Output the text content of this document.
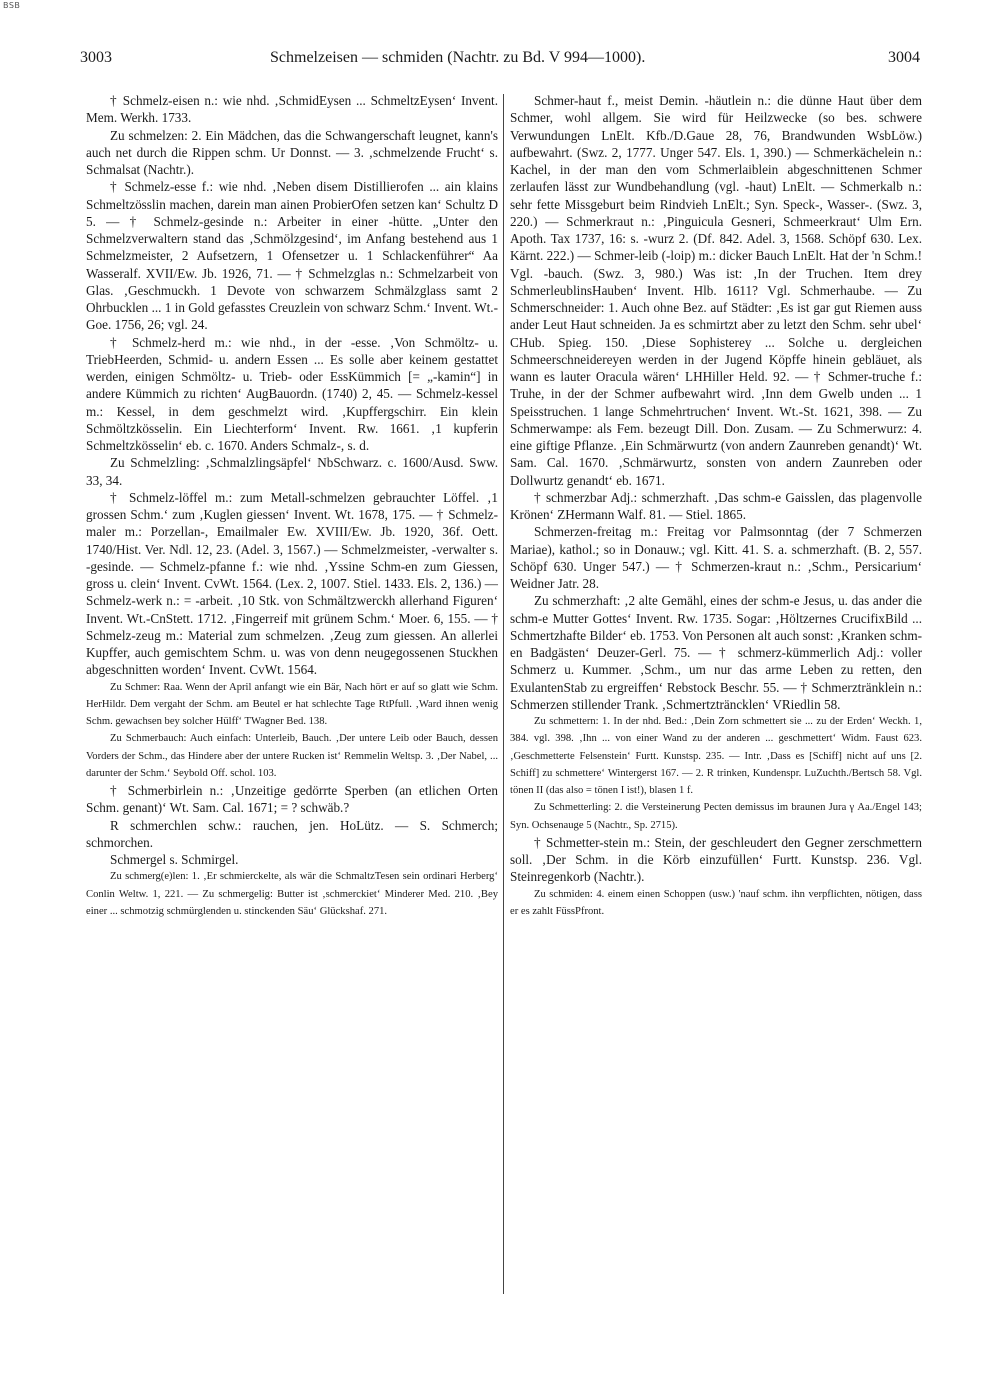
BSB
3003	Schmelzeisen — schmiden (Nachtr. zu Bd. V 994—1000).	3004

† Schmelz-eisen n.: wie nhd. ‚SchmidEysen ... SchmeltzEysen‘ Invent. Mem. Werkh. 1733.

Zu schmelzen: 2. Ein Mädchen, das die Schwangerschaft leugnet, kann's auch net durch die Rippen schm. Ur Donnst. — 3. ‚schmelzende Frucht‘ s. Schmalsat (Nachtr.).

† Schmelz-esse f.: wie nhd. ‚Neben disem Distillierofen ... ain klains Schmeltzösslin machen, darein man ainen ProbierOfen setzen kan‘ Schultz D 5. — † Schmelz-gesinde n.: Arbeiter in einer -hütte. „Unter den Schmelzverwaltern stand das ‚Schmölzgesind‘, im Anfang bestehend aus 1 Schmelzmeister, 2 Aufsetzern, 1 Ofensetzer u. 1 Schlackenführer“ Aa Wasseralf. XVII/Ew. Jb. 1926, 71. — † Schmelzglas n.: Schmelzarbeit von Glas. ‚Geschmuckh. 1 Devote von schwarzem Schmälzglass samt 2 Ohrbucklen ... 1 in Gold gefasstes Creuzlein von schwarz Schm.‘ Invent. Wt.-Goe. 1756, 26; vgl. 24.

† Schmelz-herd m.: wie nhd., in der -esse. ‚Von Schmöltz- u. TriebHeerden, Schmid- u. andern Essen ... Es solle aber keinem gestattet werden, einigen Schmöltz- u. Trieb- oder EssKümmich [= „-kamin“] in andere Kümmich zu richten‘ AugBauordn. (1740) 2, 45. — Schmelz-kessel m.: Kessel, in dem geschmelzt wird. ‚Kupffergschirr. Ein klein Schmöltzkösselin. Ein Liechterform‘ Invent. Rw. 1661. ‚1 kupferin Schmeltzkösselin‘ eb. c. 1670. Anders Schmalz-, s. d.

Zu Schmelzling: ‚Schmalzlingsäpfel‘ NbSchwarz. c. 1600/Ausd. Sww. 33, 34.

† Schmelz-löffel m.: zum Metall-schmelzen gebrauchter Löffel. ‚1 grossen Schm.‘ zum ‚Kuglen giessen‘ Invent. Wt. 1678, 175. — † Schmelz-maler m.: Porzellan-, Emailmaler Ew. XVIII/Ew. Jb. 1920, 36f. Oett. 1740/Hist. Ver. Ndl. 12, 23. (Adel. 3, 1567.) — Schmelzmeister, -verwalter s. -gesinde. — Schmelz-pfanne f.: wie nhd. ‚Yssine Schm-en zum Giessen, gross u. clein‘ Invent. CvWt. 1564. (Lex. 2, 1007. Stiel. 1433. Els. 2, 136.) — Schmelz-werk n.: = -arbeit. ‚10 Stk. von Schmältzwerckh allerhand Figuren‘ Invent. Wt.-CnStett. 1712. ‚Fingerreif mit grünem Schm.‘ Moer. 6, 155. — † Schmelz-zeug m.: Material zum schmelzen. ‚Zeug zum giessen. An allerlei Kupffer, auch gemischtem Schm. u. was von denn neugegossenen Stuckhen abgeschnitten worden‘ Invent. CvWt. 1564.

Zu Schmer: Raa. Wenn der April anfangt wie ein Bär, Nach hört er auf so glatt wie Schm. HerHildr. Dem vergaht der Schm. am Beutel er hat schlechte Tage RtPfull. ‚Ward ihnen wenig Schm. gewachsen bey solcher Hülff‘ TWagner Bed. 138.

Zu Schmerbauch: Auch einfach: Unterleib, Bauch. ‚Der untere Leib oder Bauch, dessen Vorders der Schm., das Hindere aber der untere Rucken ist‘ Remmelin Weltsp. 3. ‚Der Nabel, ... darunter der Schm.‘ Seybold Off. schol. 103.

† Schmerbirlein n.: ‚Unzeitige gedörrte Sperben (an etlichen Orten Schm. genant)‘ Wt. Sam. Cal. 1671; = ? schwäb.?

R schmerchlen schw.: rauchen, jen. HoLütz. — S. Schmerch; schmorchen.

Schmergel s. Schmirgel.

Zu schmerg(e)len: 1. ‚Er schmierckelte, als wär die SchmaltzTesen sein ordinari Herberg‘ Conlin Weltw. 1, 221. — Zu schmergelig: Butter ist ‚schmerckiet‘ Minderer Med. 210. ‚Bey einer ... schmotzig schmürglenden u. stinckenden Säu‘ Glückshaf. 271.

Schmer-haut f., meist Demin. -häutlein n.: die dünne Haut über dem Schmer, wohl allgem. Sie wird für Heilzwecke (so bes. schwere Verwundungen LnElt. Kfb./D.Gaue 28, 76, Brandwunden WsbLöw.) aufbewahrt. (Swz. 2, 1777. Unger 547. Els. 1, 390.) — Schmerkächelein n.: Kachel, in der man den vom Schmerlaiblein abgeschnittenen Schmer zerlaufen lässt zur Wundbehandlung (vgl. -haut) LnElt. — Schmerkalb n.: sehr fette Missgeburt beim Rindvieh LnElt.; Syn. Speck-, Wasser-. (Swz. 3, 220.) — Schmerkraut n.: ‚Pinguicula Gesneri, Schmeerkraut‘ Ulm Ern. Apoth. Tax 1737, 16: s. -wurz 2. (Df. 842. Adel. 3, 1568. Schöpf 630. Lex. Kärnt. 222.) — Schmer-leib (-loip) m.: dicker Bauch LnElt. Hat der 'n Schm.! Vgl. -bauch. (Swz. 3, 980.) Was ist: ‚In der Truchen. Item drey SchmerleublinsHauben‘ Invent. Hlb. 1611? Vgl. Schmerhaube. — Zu Schmerschneider: 1. Auch ohne Bez. auf Städter: ‚Es ist gar gut Riemen auss ander Leut Haut schneiden. Ja es schmirtzt aber zu letzt den Schm. sehr ubel‘ CHub. Spieg. 150. ‚Diese Sophisterey ... Solche u. dergleichen Schmeerschneidereyen werden in der Jugend Köpffe hinein gebläuet, als wann es lauter Oracula wären‘ LHHiller Held. 92. — † Schmer-truche f.: Truhe, in der der Schmer aufbewahrt wird. ‚Inn dem Gwelb unden ... 1 Speisstruchen. 1 lange Schmehrtruchen‘ Invent. Wt.-St. 1621, 398. — Zu Schmerwampe: als Fem. bezeugt Dill. Don. Zusam. — Zu Schmerwurz: 4. eine giftige Pflanze. ‚Ein Schmärwurtz (von andern Zaunreben genandt)‘ Wt. Sam. Cal. 1670. ‚Schmärwurtz, sonsten von andern Zaunreben oder Dollwurtz genandt‘ eb. 1671.

† schmerzbar Adj.: schmerzhaft. ‚Das schm-e Gaisslen, das plagenvolle Krönen‘ ZHermann Walf. 81. — Stiel. 1865.

Schmerzen-freitag m.: Freitag vor Palmsonntag (der 7 Schmerzen Mariae), kathol.; so in Donauw.; vgl. Kitt. 41. S. a. schmerzhaft. (B. 2, 557. Schöpf 630. Unger 547.) — † Schmerzen-kraut n.: ‚Schm., Persicarium‘ Weidner Jatr. 28.

Zu schmerzhaft: ‚2 alte Gemähl, eines der schm-e Jesus, u. das ander die schm-e Mutter Gottes‘ Invent. Rw. 1735. Sogar: ‚Höltzernes CrucifixBild ... Schmertzhafte Bilder‘ eb. 1753. Von Personen alt auch sonst: ‚Kranken schm-en Badgästen‘ Deuzer-Gerl. 75. — † schmerz-kümmerlich Adj.: voller Schmerz u. Kummer. ‚Schm., um nur das arme Leben zu retten, den ExulantenStab zu ergreiffen‘ Rebstock Beschr. 55. — † Schmerztränklein n.: Schmerzen stillender Trank. ‚Schmertzträncklen‘ VRiedlin 58.

Zu schmettern: 1. In der nhd. Bed.: ‚Dein Zorn schmettert sie ... zu der Erden‘ Weckh. 1, 384. vgl. 398. ‚Ihn ... von einer Wand zu der anderen ... geschmettert‘ Widm. Faust 623. ‚Geschmetterte Felsenstein‘ Furtt. Kunstsp. 235. — Intr. ‚Dass es [Schiff] nicht auf uns [2. Schiff] zu schmettere‘ Wintergerst 167. — 2. R trinken, Kundenspr. LuZuchth./Bertsch 58. Vgl. tönen II (das also = tönen I ist!), blasen 1 f.

Zu Schmetterling: 2. die Versteinerung Pecten demissus im braunen Jura γ Aa./Engel 143; Syn. Ochsenauge 5 (Nachtr., Sp. 2715).

† Schmetter-stein m.: Stein, der geschleudert den Gegner zerschmettern soll. ‚Der Schm. in die Körb einzufüllen‘ Furtt. Kunstsp. 236. Vgl. Steinregenkorb (Nachtr.).

Zu schmiden: 4. einem einen Schoppen (usw.) 'nauf schm. ihn verpflichten, nötigen, dass er es zahlt FüssPfront.
